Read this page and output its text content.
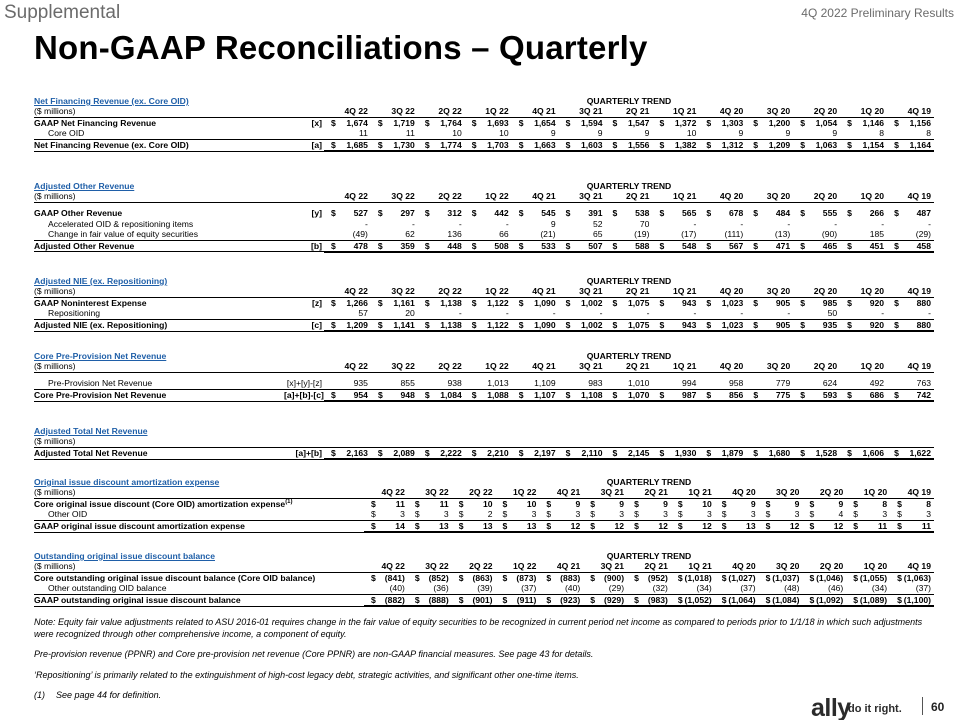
Supplemental	4Q 2022 Preliminary Results
Non-GAAP Reconciliations – Quarterly
Net Financing Revenue (ex. Core OID)		QUARTERLY TREND												
($ millions)		4Q 22	3Q 22	2Q 22	1Q 22	4Q 21	3Q 21	2Q 21	1Q 21	4Q 20	3Q 20	2Q 20	1Q 20	4Q 19
GAAP Net Financing Revenue	[x]	$ 1,674	$ 1,719	$ 1,764	$ 1,693	$ 1,654	$ 1,594	$ 1,547	$ 1,372	$ 1,303	$ 1,200	$ 1,054	$ 1,146	$ 1,156
Core OID		11	11	10	10	9	9	9	10	9	9	9	8	8
Net Financing Revenue (ex. Core OID)	[a]	$ 1,685	$ 1,730	$ 1,774	$ 1,703	$ 1,663	$ 1,603	$ 1,556	$ 1,382	$ 1,312	$ 1,209	$ 1,063	$ 1,154	$ 1,164
Adjusted Other Revenue		QUARTERLY TREND												
($ millions)		4Q 22	3Q 22	2Q 22	1Q 22	4Q 21	3Q 21	2Q 21	1Q 21	4Q 20	3Q 20	2Q 20	1Q 20	4Q 19

GAAP Other Revenue	[y]	$ 527	$ 297	$ 312	$ 442	$ 545	$ 391	$ 538	$ 565	$ 678	$ 484	$ 555	$ 266	$ 487
Accelerated OID & repositioning items		-	-	-	-	9	52	70	-	-	-	-	-	-
Change in fair value of equity securities		(49)	62	136	66	(21)	65	(19)	(17)	(111)	(13)	(90)	185	(29)
Adjusted Other Revenue	[b]	$ 478	$ 359	$ 448	$ 508	$ 533	$ 507	$ 588	$ 548	$ 567	$ 471	$ 465	$ 451	$ 458
Adjusted NIE (ex. Repositioning)		QUARTERLY TREND												
($ millions)		4Q 22	3Q 22	2Q 22	1Q 22	4Q 21	3Q 21	2Q 21	1Q 21	4Q 20	3Q 20	2Q 20	1Q 20	4Q 19
GAAP Noninterest Expense	[z]	$ 1,266	$ 1,161	$ 1,138	$ 1,122	$ 1,090	$ 1,002	$ 1,075	$ 943	$ 1,023	$ 905	$ 985	$ 920	$ 880
Repositioning		57	20	-	-	-	-	-	-	-	-	50	-	-
Adjusted NIE (ex. Repositioning)	[c]	$ 1,209	$ 1,141	$ 1,138	$ 1,122	$ 1,090	$ 1,002	$ 1,075	$ 943	$ 1,023	$ 905	$ 935	$ 920	$ 880
Core Pre-Provision Net Revenue		QUARTERLY TREND												
($ millions)		4Q 22	3Q 22	2Q 22	1Q 22	4Q 21	3Q 21	2Q 21	1Q 21	4Q 20	3Q 20	2Q 20	1Q 20	4Q 19

Pre-Provision Net Revenue	[x]+[y]-[z]	935	855	938	1,013	1,109	983	1,010	994	958	779	624	492	763
Core Pre-Provision Net Revenue	[a]+[b]-[c]	$ 954	$ 948	$ 1,084	$ 1,088	$ 1,107	$ 1,108	$ 1,070	$ 987	$ 856	$ 775	$ 593	$ 686	$ 742
Adjusted Total Net Revenue														
($ millions)														
Adjusted Total Net Revenue	[a]+[b]	$ 2,163	$ 2,089	$ 2,222	$ 2,210	$ 2,197	$ 2,110	$ 2,145	$ 1,930	$ 1,879	$ 1,680	$ 1,528	$ 1,606	$ 1,622
Original issue discount amortization expense		QUARTERLY TREND												
($ millions)		4Q 22	3Q 22	2Q 22	1Q 22	4Q 21	3Q 21	2Q 21	1Q 21	4Q 20	3Q 20	2Q 20	1Q 20	4Q 19
Core original issue discount (Core OID) amortization expense$^{(1)}$		$ 11	$ 11	$ 10	$ 10	$ 9	$ 9	$ 9	$ 10	$ 9	$ 9	$ 9	$ 8	$ 8
Other OID		$ 3	$ 3	$ 2	$ 3	$ 3	$ 3	$ 3	$ 3	$ 3	$ 3	$ 4	$ 3	$ 3
GAAP original issue discount amortization expense		$ 14	$ 13	$ 13	$ 13	$ 12	$ 12	$ 12	$ 12	$ 13	$ 12	$ 12	$ 11	$ 11
Outstanding original issue discount balance		QUARTERLY TREND												
($ millions)		4Q 22	3Q 22	2Q 22	1Q 22	4Q 21	3Q 21	2Q 21	1Q 21	4Q 20	3Q 20	2Q 20	1Q 20	4Q 19
Core outstanding original issue discount balance (Core OID balance)		$ (841)	$ (852)	$ (863)	$ (873)	$ (883)	$ (900)	$ (952)	$ (1,018)	$ (1,027)	$ (1,037)	$ (1,046)	$ (1,055)	$ (1,063)
Other outstanding OID balance		(40)	(36)	(39)	(37)	(40)	(29)	(32)	(34)	(37)	(48)	(46)	(34)	(37)
GAAP outstanding original issue discount balance		$ (882)	$ (888)	$ (901)	$ (911)	$ (923)	$ (929)	$ (983)	$ (1,052)	$ (1,064)	$ (1,084)	$ (1,092)	$ (1,089)	$ (1,100)

Note: Equity fair value adjustments related to ASU 2016-01 requires change in the fair value of equity securities to be recognized in current period net income as compared to periods prior to 1/1/18 in which such adjustments were recognized through other comprehensive income, a component of equity.

Pre-provision revenue (PPNR) and Core pre-provision net revenue (Core PPNR) are non-GAAP financial measures. See page 43 for details.

‘Repositioning’ is primarily related to the extinguishment of high-cost legacy debt, strategic activities, and significant other one-time items.

(1) See page 44 for definition.	ally
do it right. 60
